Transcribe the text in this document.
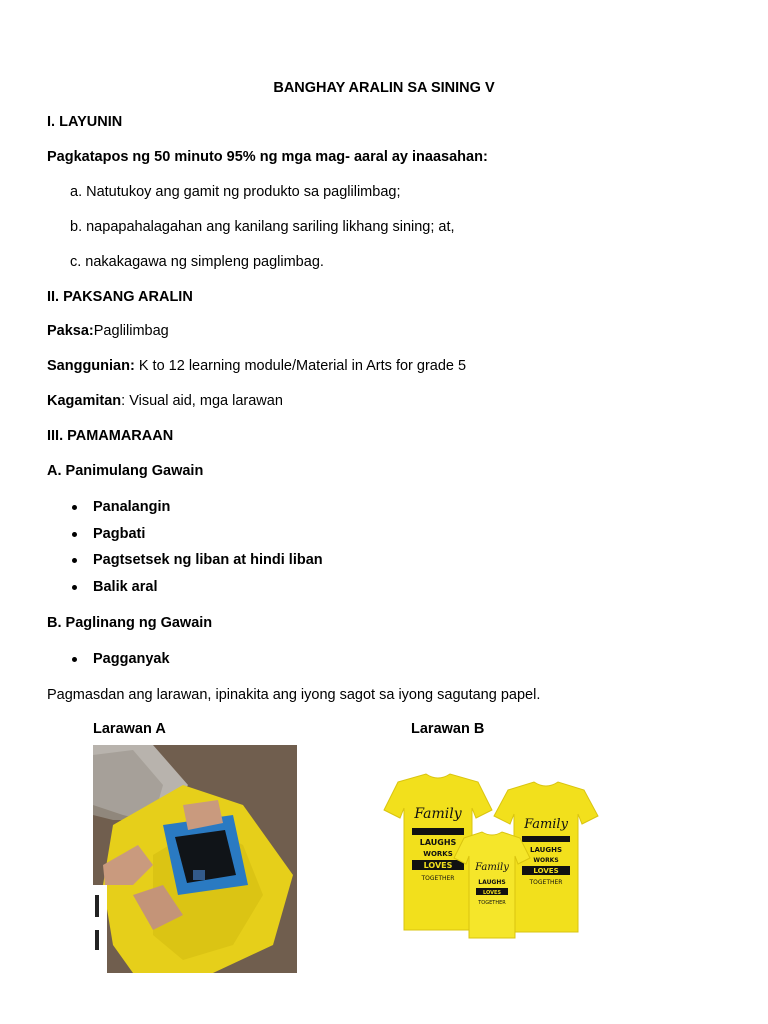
BANGHAY ARALIN SA SINING V
I. LAYUNIN
Pagkatapos ng 50 minuto 95% ng mga mag- aaral ay inaasahan:
a. Natutukoy ang gamit ng produkto sa paglilimbag;
b. napapahalagahan ang kanilang sariling likhang sining; at,
c. nakakagawa ng simpleng paglimbag.
II. PAKSANG ARALIN
Paksa:Paglilimbag
Sanggunian: K to 12 learning module/Material in Arts for grade 5
Kagamitan: Visual aid, mga larawan
III. PAMAMARAAN
A. Panimulang Gawain
Panalangin
Pagbati
Pagtsetsek ng liban at hindi liban
Balik aral
B. Paglinang ng Gawain
Pagganyak
Pagmasdan ang larawan, ipinakita ang iyong sagot sa iyong sagutang papel.
Larawan A	Larawan B
Family
LAUGHS
WORKS
LOVES
TOGETHER
Family
LAUGHS
WORKS
LOVES
TOGETHER
Family
LAUGHS
LOVES
TOGETHER
